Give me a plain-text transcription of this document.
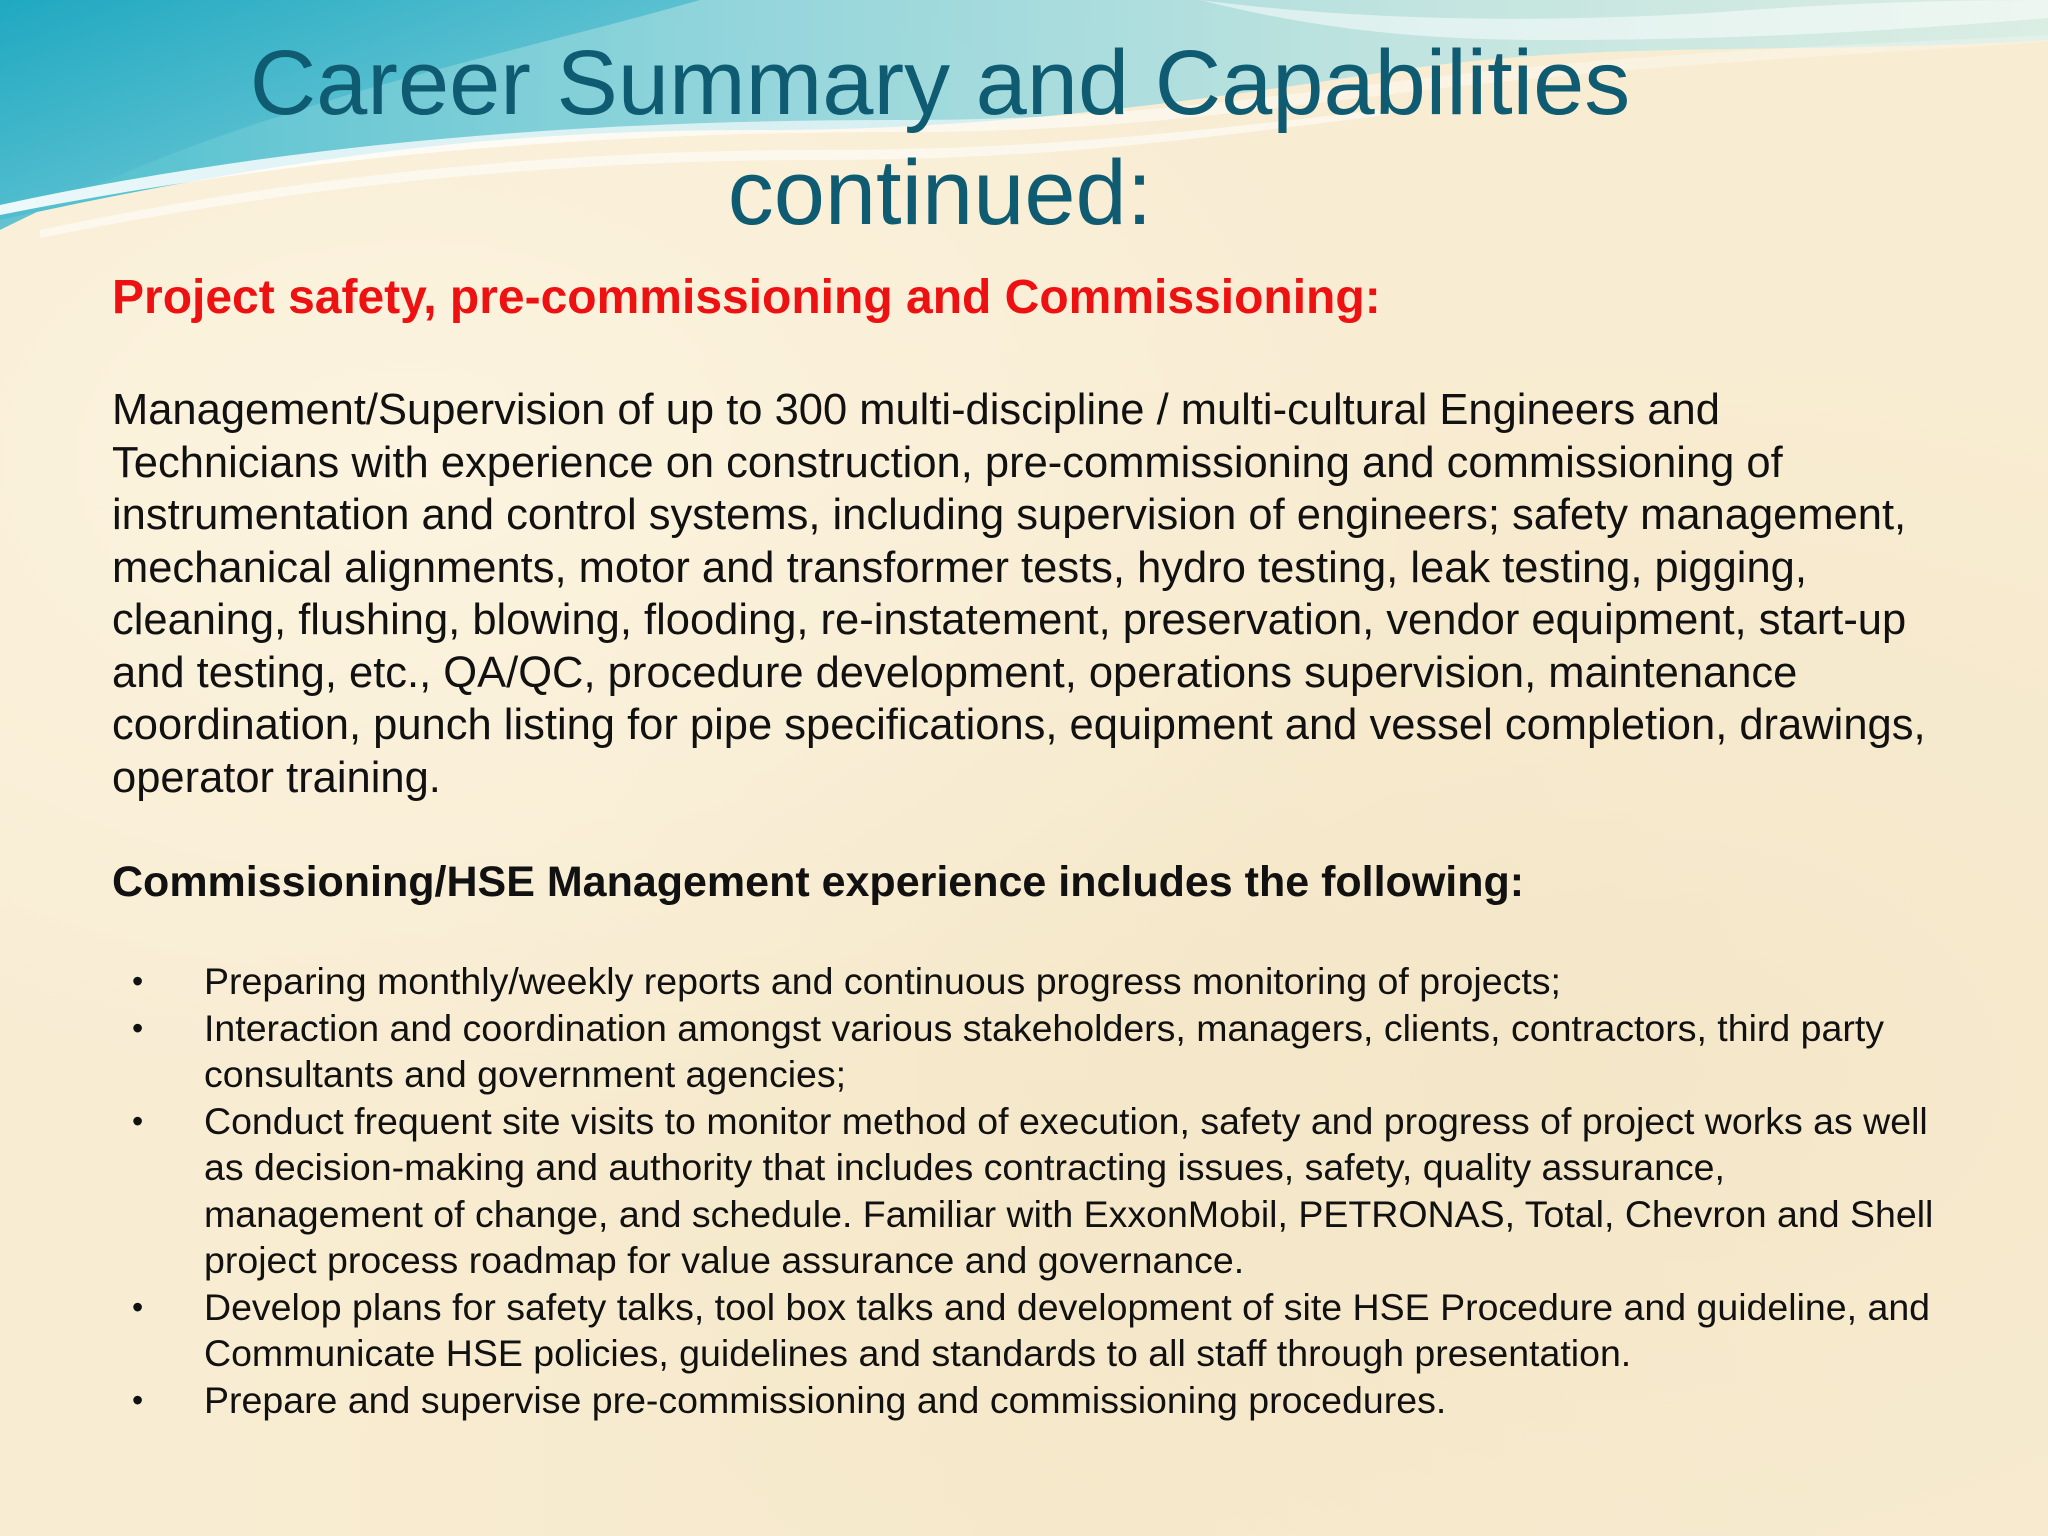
Career Summary and Capabilities

continued:
Project safety, pre-commissioning and Commissioning:
Management/Supervision of up to 300 multi-discipline / multi-cultural Engineers and Technicians with experience on construction, pre-commissioning and commissioning of instrumentation and control systems, including supervision of engineers; safety management, mechanical alignments, motor and transformer tests, hydro testing, leak testing, pigging, cleaning, flushing, blowing, flooding, re-instatement, preservation, vendor equipment, start-up and testing, etc., QA/QC, procedure development, operations supervision, maintenance coordination, punch listing for pipe specifications, equipment and vessel completion, drawings, operator training.
Commissioning/HSE Management experience includes the following:
• Preparing monthly/weekly reports and continuous progress monitoring of projects;
• Interaction and coordination amongst various stakeholders, managers, clients, contractors, third party consultants and government agencies;
• Conduct frequent site visits to monitor method of execution, safety and progress of project works as well as decision-making and authority that includes contracting issues, safety, quality assurance, management of change, and schedule. Familiar with ExxonMobil, PETRONAS, Total, Chevron and Shell project process roadmap for value assurance and governance.
• Develop plans for safety talks, tool box talks and development of site HSE Procedure and guideline, and Communicate HSE policies, guidelines and standards to all staff through presentation.
• Prepare and supervise pre-commissioning and commissioning procedures.
